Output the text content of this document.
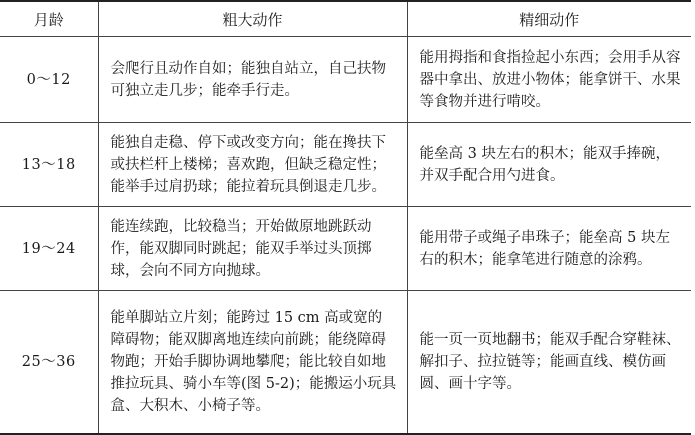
月龄	粗大动作	精细动作
0～12	会爬行且动作自如；能独自站立，自己扶物可独立走几步；能牵手行走。	能用拇指和食指捡起小东西；会用手从容器中拿出、放进小物体；能拿饼干、水果等食物并进行啃咬。
13～18	能独自走稳、停下或改变方向；能在搀扶下或扶栏杆上楼梯；喜欢跑，但缺乏稳定性；能举手过肩扔球；能拉着玩具倒退走几步。	能垒高 3 块左右的积木；能双手捧碗，并双手配合用勺进食。
19～24	能连续跑，比较稳当；开始做原地跳跃动作，能双脚同时跳起；能双手举过头顶掷球，会向不同方向抛球。	能用带子或绳子串珠子；能垒高 5 块左右的积木；能拿笔进行随意的涂鸦。
25～36	能单脚站立片刻；能跨过 15 cm 高或宽的障碍物；能双脚离地连续向前跳；能绕障碍物跑；开始手脚协调地攀爬；能比较自如地推拉玩具、骑小车等(图 5-2)；能搬运小玩具盒、大积木、小椅子等。	能一页一页地翻书；能双手配合穿鞋袜、解扣子、拉拉链等；能画直线、模仿画圆、画十字等。
